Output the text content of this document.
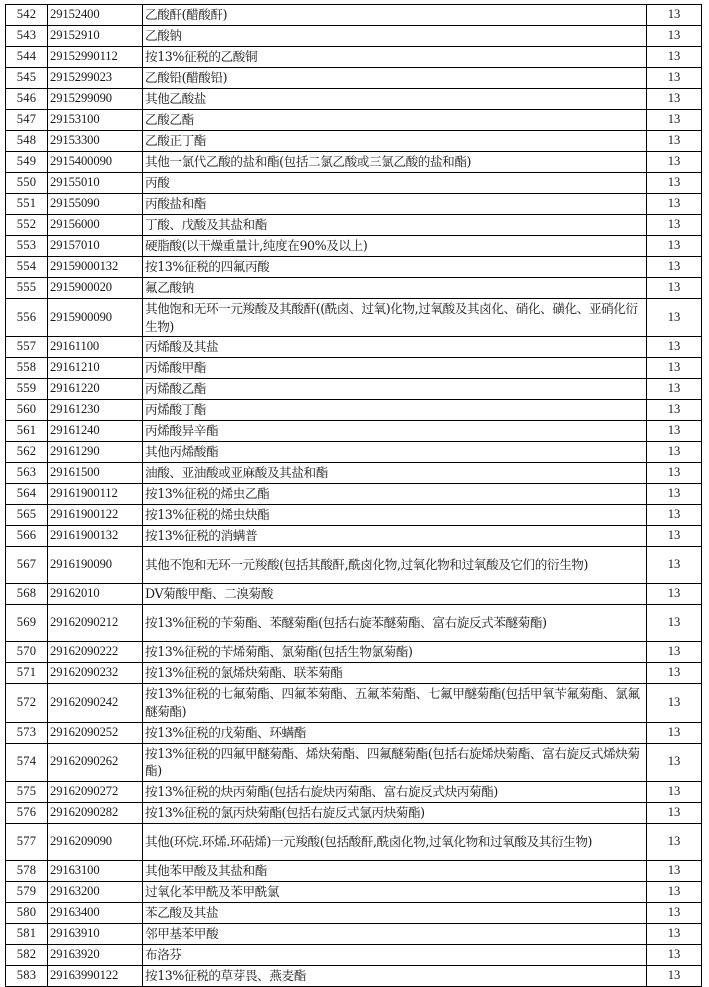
542	29152400	乙酸酐(醋酸酐)	13
543	29152910	乙酸钠	13
544	29152990112	按13%征税的乙酸铜	13
545	2915299023	乙酸铅(醋酸铅)	13
546	2915299090	其他乙酸盐	13
547	29153100	乙酸乙酯	13
548	29153300	乙酸正丁酯	13
549	2915400090	其他一氯代乙酸的盐和酯(包括二氯乙酸或三氯乙酸的盐和酯)	13
550	29155010	丙酸	13
551	29155090	丙酸盐和酯	13
552	29156000	丁酸、戊酸及其盐和酯	13
553	29157010	硬脂酸(以干燥重量计,纯度在90%及以上)	13
554	29159000132	按13%征税的四氟丙酸	13
555	2915900020	氟乙酸钠	13
556	2915900090	其他饱和无环一元羧酸及其酸酐((酰卤、过氧)化物,过氧酸及其卤化、硝化、磺化、亚硝化衍生物)	13
557	29161100	丙烯酸及其盐	13
558	29161210	丙烯酸甲酯	13
559	29161220	丙烯酸乙酯	13
560	29161230	丙烯酸丁酯	13
561	29161240	丙烯酸异辛酯	13
562	29161290	其他丙烯酸酯	13
563	29161500	油酸、亚油酸或亚麻酸及其盐和酯	13
564	29161900112	按13%征税的烯虫乙酯	13
565	29161900122	按13%征税的烯虫炔酯	13
566	29161900132	按13%征税的消螨普	13
567	2916190090	其他不饱和无环一元羧酸(包括其酸酐,酰卤化物,过氧化物和过氧酸及它们的衍生物)	13
568	29162010	DV菊酸甲酯、二溴菊酸	13
569	29162090212	按13%征税的苄菊酯、苯醚菊酯(包括右旋苯醚菊酯、富右旋反式苯醚菊酯)	13
570	29162090222	按13%征税的苄烯菊酯、氯菊酯(包括生物氯菊酯)	13
571	29162090232	按13%征税的氯烯炔菊酯、联苯菊酯	13
572	29162090242	按13%征税的七氟菊酯、四氟苯菊酯、五氟苯菊酯、七氟甲醚菊酯(包括甲氧苄氟菊酯、氯氟醚菊酯)	13
573	29162090252	按13%征税的戊菊酯、环螨酯	13
574	29162090262	按13%征税的四氟甲醚菊酯、烯炔菊酯、四氟醚菊酯(包括右旋烯炔菊酯、富右旋反式烯炔菊酯)	13
575	29162090272	按13%征税的炔丙菊酯(包括右旋炔丙菊酯、富右旋反式炔丙菊酯)	13
576	29162090282	按13%征税的氯丙炔菊酯(包括右旋反式氯丙炔菊酯)	13
577	2916209090	其他(环烷.环烯.环萜烯)一元羧酸(包括酸酐,酰卤化物,过氧化物和过氧酸及其衍生物)	13
578	29163100	其他苯甲酸及其盐和酯	13
579	29163200	过氧化苯甲酰及苯甲酰氯	13
580	29163400	苯乙酸及其盐	13
581	29163910	邻甲基苯甲酸	13
582	29163920	布洛芬	13
583	29163990122	按13%征税的草芽畏、燕麦酯	13
